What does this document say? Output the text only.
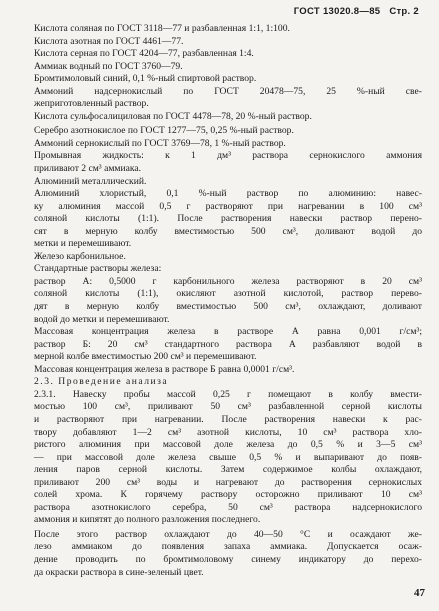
ГОСТ 13020.8—85 Стр. 2
Кислота соляная по ГОСТ 3118—77 и разбавленная 1:1, 1:100.
Кислота азотная по ГОСТ 4461—77.
Кислота серная по ГОСТ 4204—77, разбавленная 1:4.
Аммиак водный по ГОСТ 3760—79.
Бромтимоловый синий, 0,1 %-ный спиртовой раствор.
Аммоний надсернокислый по ГОСТ 20478—75, 25 %-ный све-
жеприготовленный раствор.
Кислота сульфосалициловая по ГОСТ 4478—78, 20 %-ный раствор.
Серебро азотнокислое по ГОСТ 1277—75, 0,25 %-ный раствор.
Аммоний сернокислый по ГОСТ 3769—78, 1 %-ный раствор.
Промывная жидкость: к 1 дм³ раствора сернокислого аммония
приливают 2 см³ аммиака.
Алюминий металлический.
Алюминий хлористый, 0,1 %-ный раствор по алюминию: навес-
ку алюминия массой 0,5 г растворяют при нагревании в 100 см³
соляной кислоты (1:1). После растворения навески раствор перено-
сят в мерную колбу вместимостью 500 см³, доливают водой до
метки и перемешивают.
Железо карбонильное.
Стандартные растворы железа:
раствор А: 0,5000 г карбонильного железа растворяют в 20 см³
соляной кислоты (1:1), окисляют азотной кислотой, раствор перево-
дят в мерную колбу вместимостью 500 см³, охлаждают, доливают
водой до метки и перемешивают.
Массовая концентрация железа в растворе А равна 0,001 г/см³;
раствор Б: 20 см³ стандартного раствора А разбавляют водой в
мерной колбе вместимостью 200 см³ и перемешивают.
Массовая концентрация железа в растворе Б равна 0,0001 г/см³.
2.3. Проведение анализа
2.3.1. Навеску пробы массой 0,25 г помещают в колбу вмести-
мостью 100 см³, приливают 50 см³ разбавленной серной кислоты
и растворяют при нагревании. После растворения навески к рас-
твору добавляют 1—2 см³ азотной кислоты, 10 см³ раствора хло-
ристого алюминия при массовой доле железа до 0,5 % и 3—5 см³
— при массовой доле железа свыше 0,5 % и выпаривают до появ-
ления паров серной кислоты. Затем содержимое колбы охлаждают,
приливают 200 см³ воды и нагревают до растворения сернокислых
солей хрома. К горячему раствору осторожно приливают 10 см³
раствора азотнокислого серебра, 50 см³ раствора надсернокислого
аммония и кипятят до полного разложения последнего.
После этого раствор охлаждают до 40—50 °С и осаждают же-
лезо аммиаком до появления запаха аммиака. Допускается осаж-
дение проводить по бромтимоловому синему индикатору до перехо-
да окраски раствора в сине-зеленый цвет.
47
